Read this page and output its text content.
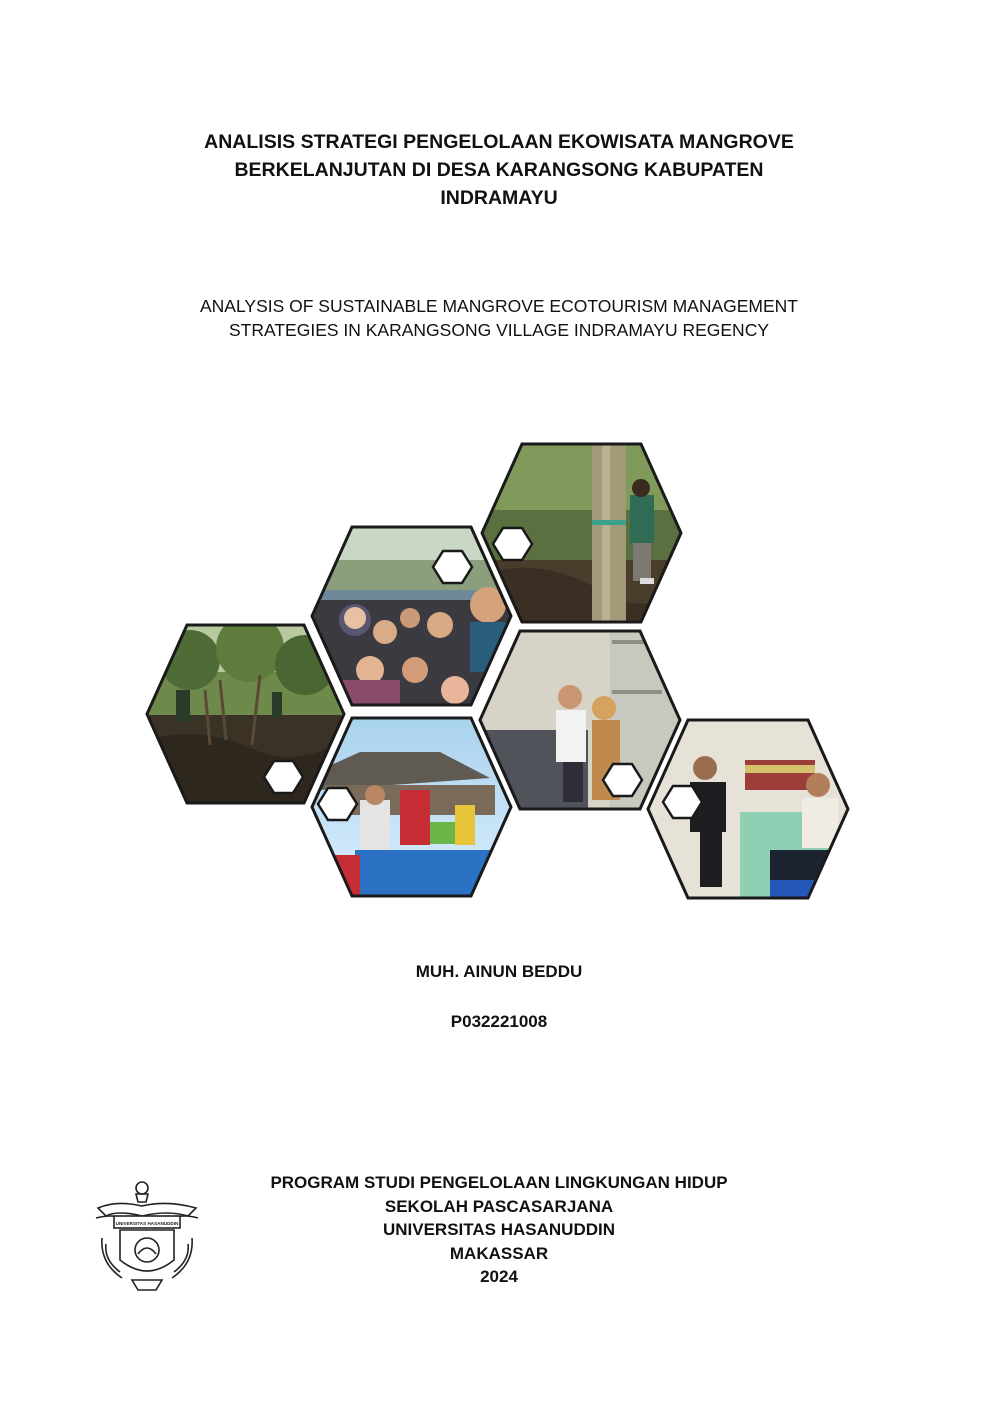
ANALISIS STRATEGI PENGELOLAAN EKOWISATA MANGROVE
BERKELANJUTAN DI DESA KARANGSONG KABUPATEN
INDRAMAYU
ANALYSIS OF SUSTAINABLE MANGROVE ECOTOURISM MANAGEMENT
STRATEGIES IN KARANGSONG VILLAGE INDRAMAYU REGENCY
MUH. AINUN BEDDU
P032221008
PROGRAM STUDI PENGELOLAAN LINGKUNGAN HIDUP
SEKOLAH PASCASARJANA
UNIVERSITAS HASANUDDIN
MAKASSAR
2024
UNIVERSITAS HASANUDDIN
